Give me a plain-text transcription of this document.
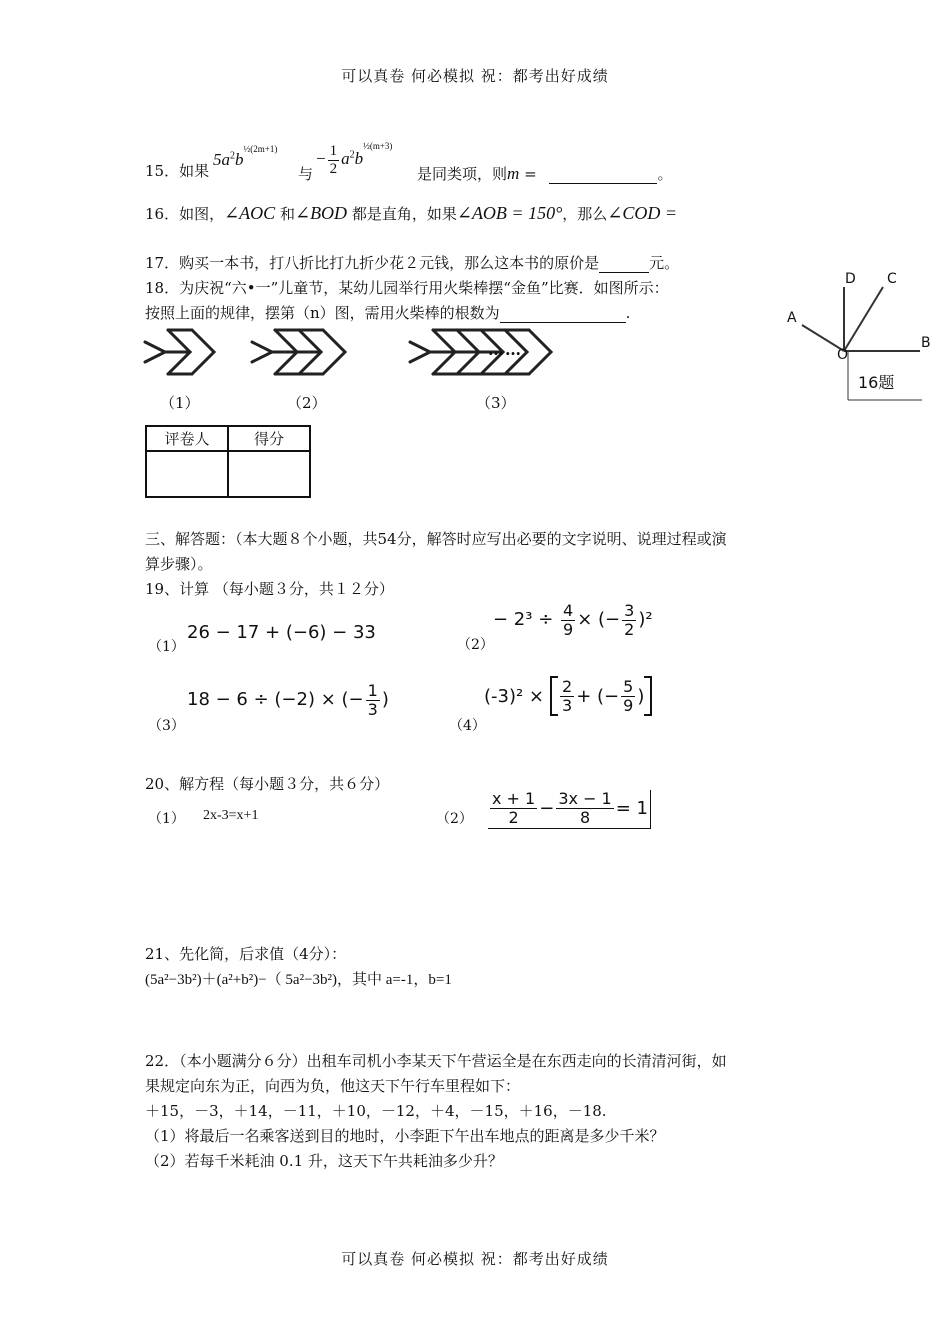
可以真卷 何必模拟 祝：都考出好成绩
15．如果
$5a^2b^{\frac{1}{2}(2m+1)}$
与
− $\frac{1}{2} a^2b^{\frac{1}{2}(m+3)}$
是同类项，则m =	。
16．如图，∠AOC 和∠BOD 都是直角，如果∠AOB = 150°，那么∠COD =
17．购买一本书，打八折比打九折少花２元钱，那么这本书的原价是	元。
18．为庆祝“六•一”儿童节，某幼儿园举行用火柴棒摆“金鱼”比赛．如图所示：
按照上面的规律，摆第（n）图，需用火柴棒的根数为	.
……
（1）	（2）	（3）
D C
A
O
B
16题
评卷人	得分

三、解答题：（本大题８个小题，共54分，解答时应写出必要的文字说明、说理过程或演
算步骤）。
19、计算 （每小题３分，共１２分）
（1）
26 − 17 + (−6) − 33
（2）
− $2^3 \div \frac{4}{9}$ × (− $\frac{3}{2} )^2$
（3）
18 − 6 ÷ (−2) × (− $\frac{1}{3}$ )
（4）
$(-3)^2 \times \frac{2}{3}$ + (− $\frac{5}{9}$ )
20、解方程（每小题３分，共６分）
（1） 2x-3=x+1	$(2) \frac{x + 1}{2} - \frac{3x - 1}{8} = 1$
21、先化简，后求值（4分）：
(5a²−3b²)＋(a²+b²)−（ 5a²−3b²)，其中 a=-1，b=1
22．（本小题满分６分）出租车司机小李某天下午营运全是在东西走向的长清清河街，如
果规定向东为正，向西为负，他这天下午行车里程如下：
＋15，－3，＋14，－11，＋10，－12，＋4，－15，＋16，－18.
（1）将最后一名乘客送到目的地时，小李距下午出车地点的距离是多少千米？
（2）若每千米耗油 0.1 升，这天下午共耗油多少升？
可以真卷 何必模拟 祝：都考出好成绩
